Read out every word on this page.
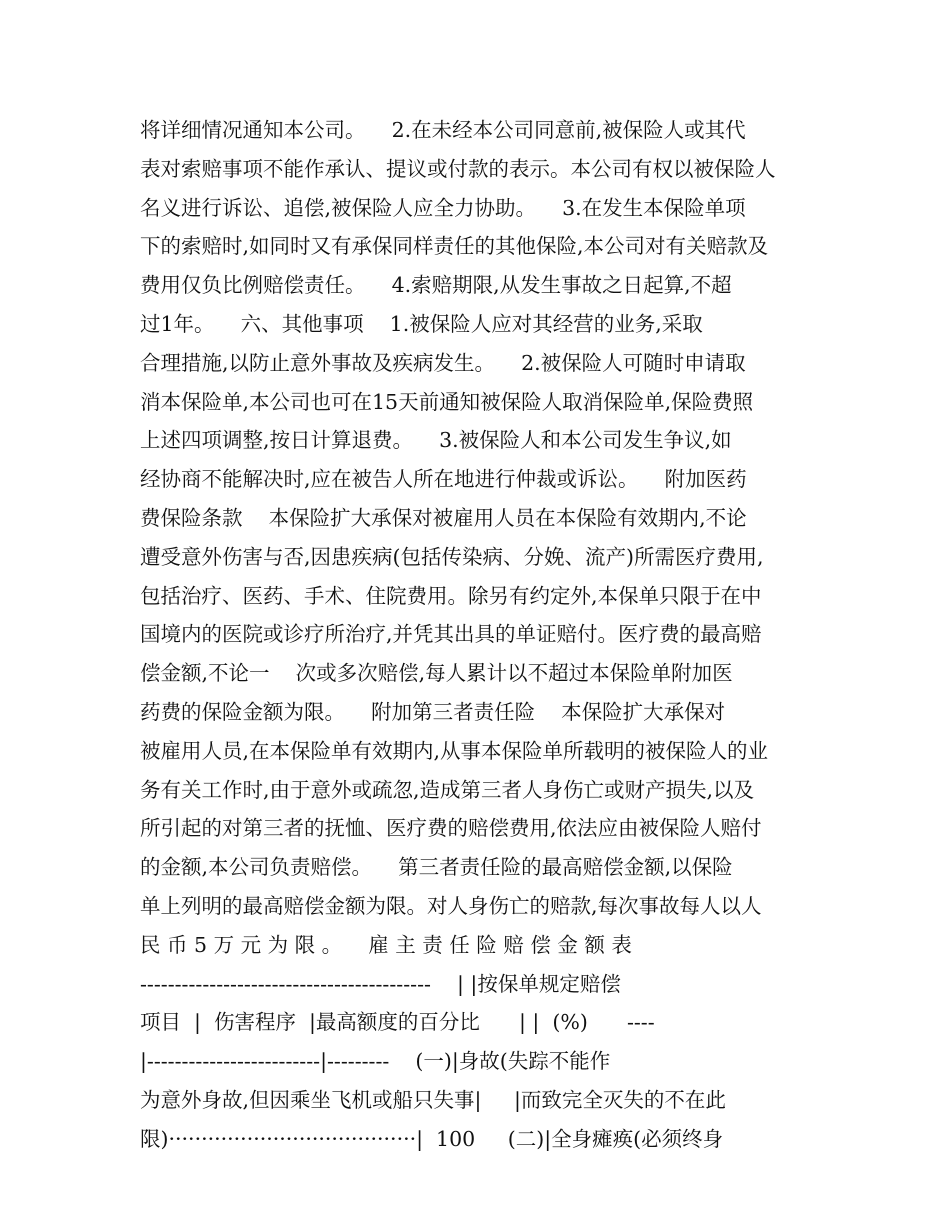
将详细情况通知本公司。    2.在未经本公司同意前,被保险人或其代
表对索赔事项不能作承认、提议或付款的表示。本公司有权以被保险人
名义进行诉讼、追偿,被保险人应全力协助。    3.在发生本保险单项
下的索赔时,如同时又有承保同样责任的其他保险,本公司对有关赔款及
费用仅负比例赔偿责任。    4.索赔期限,从发生事故之日起算,不超
过1年。    六、其他事项    1.被保险人应对其经营的业务,采取
合理措施,以防止意外事故及疾病发生。    2.被保险人可随时申请取
消本保险单,本公司也可在15天前通知被保险人取消保险单,保险费照
上述四项调整,按日计算退费。    3.被保险人和本公司发生争议,如
经协商不能解决时,应在被告人所在地进行仲裁或诉讼。    附加医药
费保险条款    本保险扩大承保对被雇用人员在本保险有效期内,不论
遭受意外伤害与否,因患疾病(包括传染病、分娩、流产)所需医疗费用,
包括治疗、医药、手术、住院费用。除另有约定外,本保单只限于在中
国境内的医院或诊疗所治疗,并凭其出具的单证赔付。医疗费的最高赔
偿金额,不论一    次或多次赔偿,每人累计以不超过本保险单附加医
药费的保险金额为限。    附加第三者责任险    本保险扩大承保对
被雇用人员,在本保险单有效期内,从事本保险单所载明的被保险人的业
务有关工作时,由于意外或疏忽,造成第三者人身伤亡或财产损失,以及
所引起的对第三者的抚恤、医疗费的赔偿费用,依法应由被保险人赔付
的金额,本公司负责赔偿。    第三者责任险的最高赔偿金额,以保险
单上列明的最高赔偿金额为限。对人身伤亡的赔款,每次事故每人以人
民 币 5 万 元 为 限 。    雇 主 责 任 险 赔 偿 金 额 表
------------------------------------------    | |按保单规定赔偿
项目  |  伤害程序  |最高额度的百分比      | |  (%)      ----
|-------------------------|---------    (一)|身故(失踪不能作
为意外身故,但因乘坐飞机或船只失事|     |而致完全灭失的不在此
限)······································|  100     (二)|全身瘫痪(必须终身
